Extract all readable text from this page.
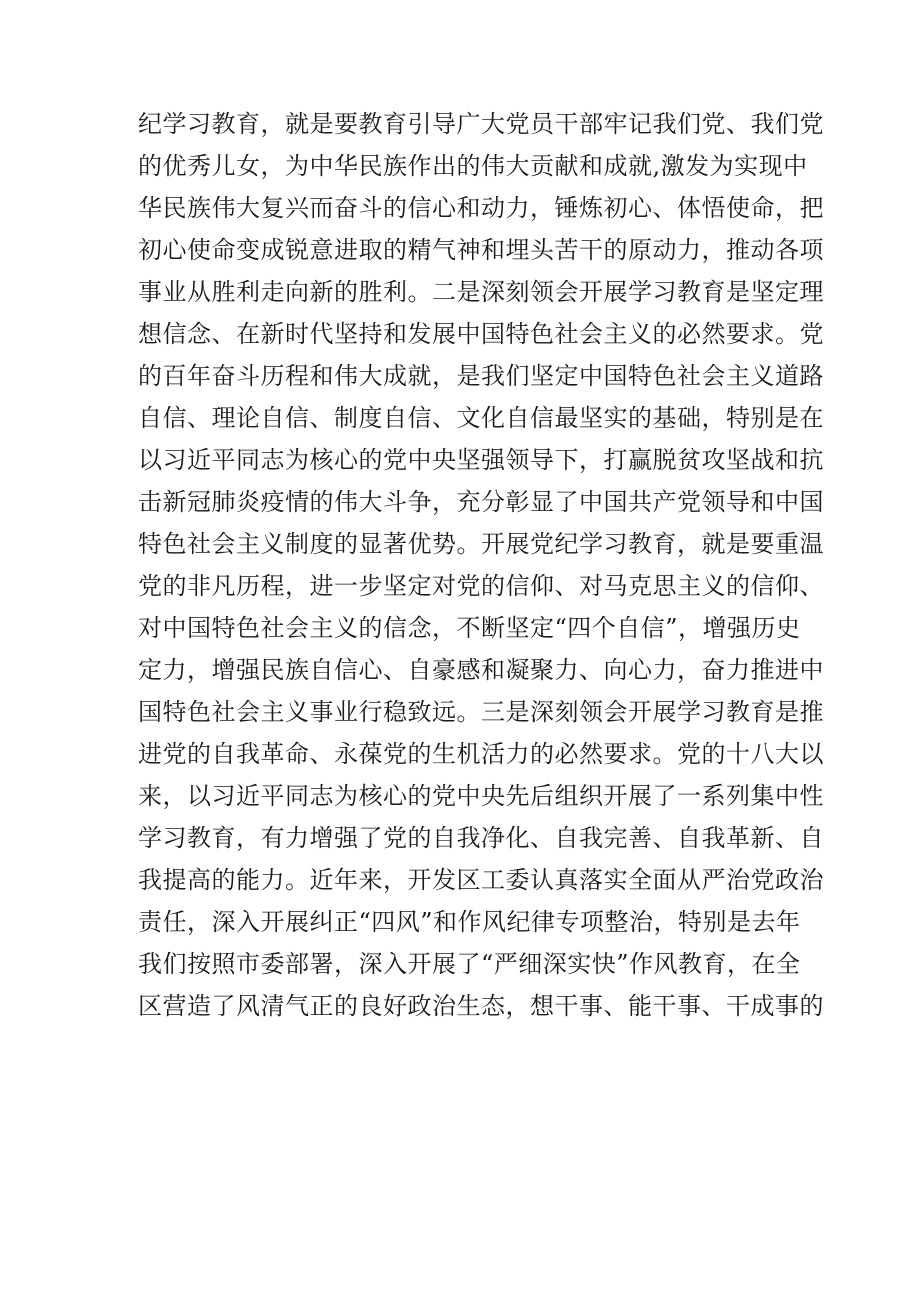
纪学习教育，就是要教育引导广大党员干部牢记我们党、我们党
的优秀儿女，为中华民族作出的伟大贡献和成就,激发为实现中
华民族伟大复兴而奋斗的信心和动力，锤炼初心、体悟使命，把
初心使命变成锐意进取的精气神和埋头苦干的原动力，推动各项
事业从胜利走向新的胜利。二是深刻领会开展学习教育是坚定理
想信念、在新时代坚持和发展中国特色社会主义的必然要求。党
的百年奋斗历程和伟大成就，是我们坚定中国特色社会主义道路
自信、理论自信、制度自信、文化自信最坚实的基础，特别是在
以习近平同志为核心的党中央坚强领导下，打赢脱贫攻坚战和抗
击新冠肺炎疫情的伟大斗争，充分彰显了中国共产党领导和中国
特色社会主义制度的显著优势。开展党纪学习教育，就是要重温
党的非凡历程，进一步坚定对党的信仰、对马克思主义的信仰、
对中国特色社会主义的信念，不断坚定“四个自信”，增强历史
定力，增强民族自信心、自豪感和凝聚力、向心力，奋力推进中
国特色社会主义事业行稳致远。三是深刻领会开展学习教育是推
进党的自我革命、永葆党的生机活力的必然要求。党的十八大以
来，以习近平同志为核心的党中央先后组织开展了一系列集中性
学习教育，有力增强了党的自我净化、自我完善、自我革新、自
我提高的能力。近年来，开发区工委认真落实全面从严治党政治
责任，深入开展纠正“四风”和作风纪律专项整治，特别是去年
我们按照市委部署，深入开展了“严细深实快”作风教育，在全
区营造了风清气正的良好政治生态，想干事、能干事、干成事的
